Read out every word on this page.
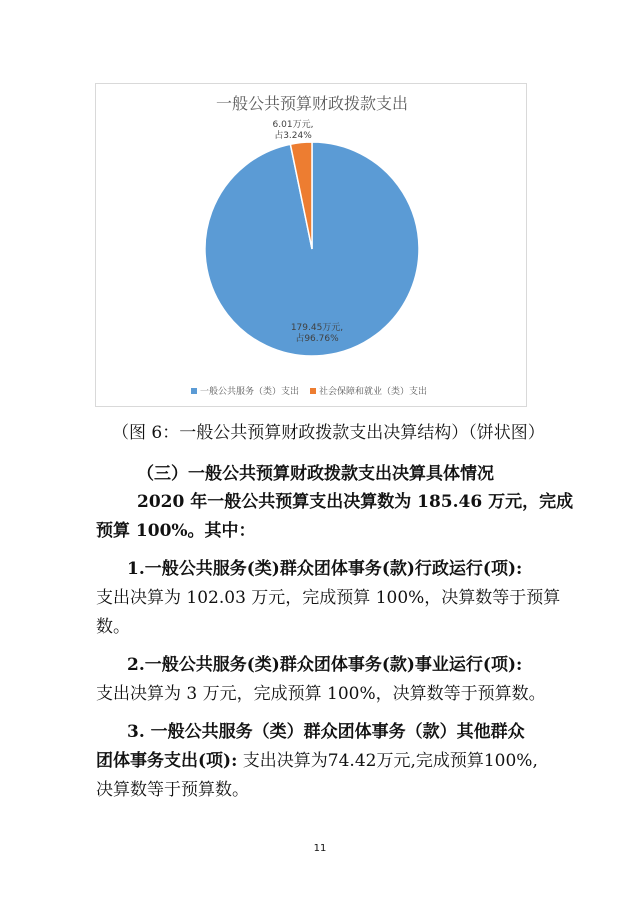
一般公共预算财政拨款支出
6.01万元,
占3.24%
179.45万元,
占96.76%
一般公共服务（类）支出 社会保障和就业（类）支出
（图 6：一般公共预算财政拨款支出决算结构）（饼状图）
（三）一般公共预算财政拨款支出决算具体情况
2020 年一般公共预算支出决算数为 185.46 万元，完成
预算 100%。其中：
1.一般公共服务(类)群众团体事务(款)行政运行(项):
支出决算为 102.03 万元，完成预算 100%，决算数等于预算
数。
2.一般公共服务(类)群众团体事务(款)事业运行(项):
支出决算为 3 万元，完成预算 100%，决算数等于预算数。
3. 一般公共服务（类）群众团体事务（款）其他群众
团体事务支出(项): 支出决算为74.42万元,完成预算100%,
决算数等于预算数。
11
